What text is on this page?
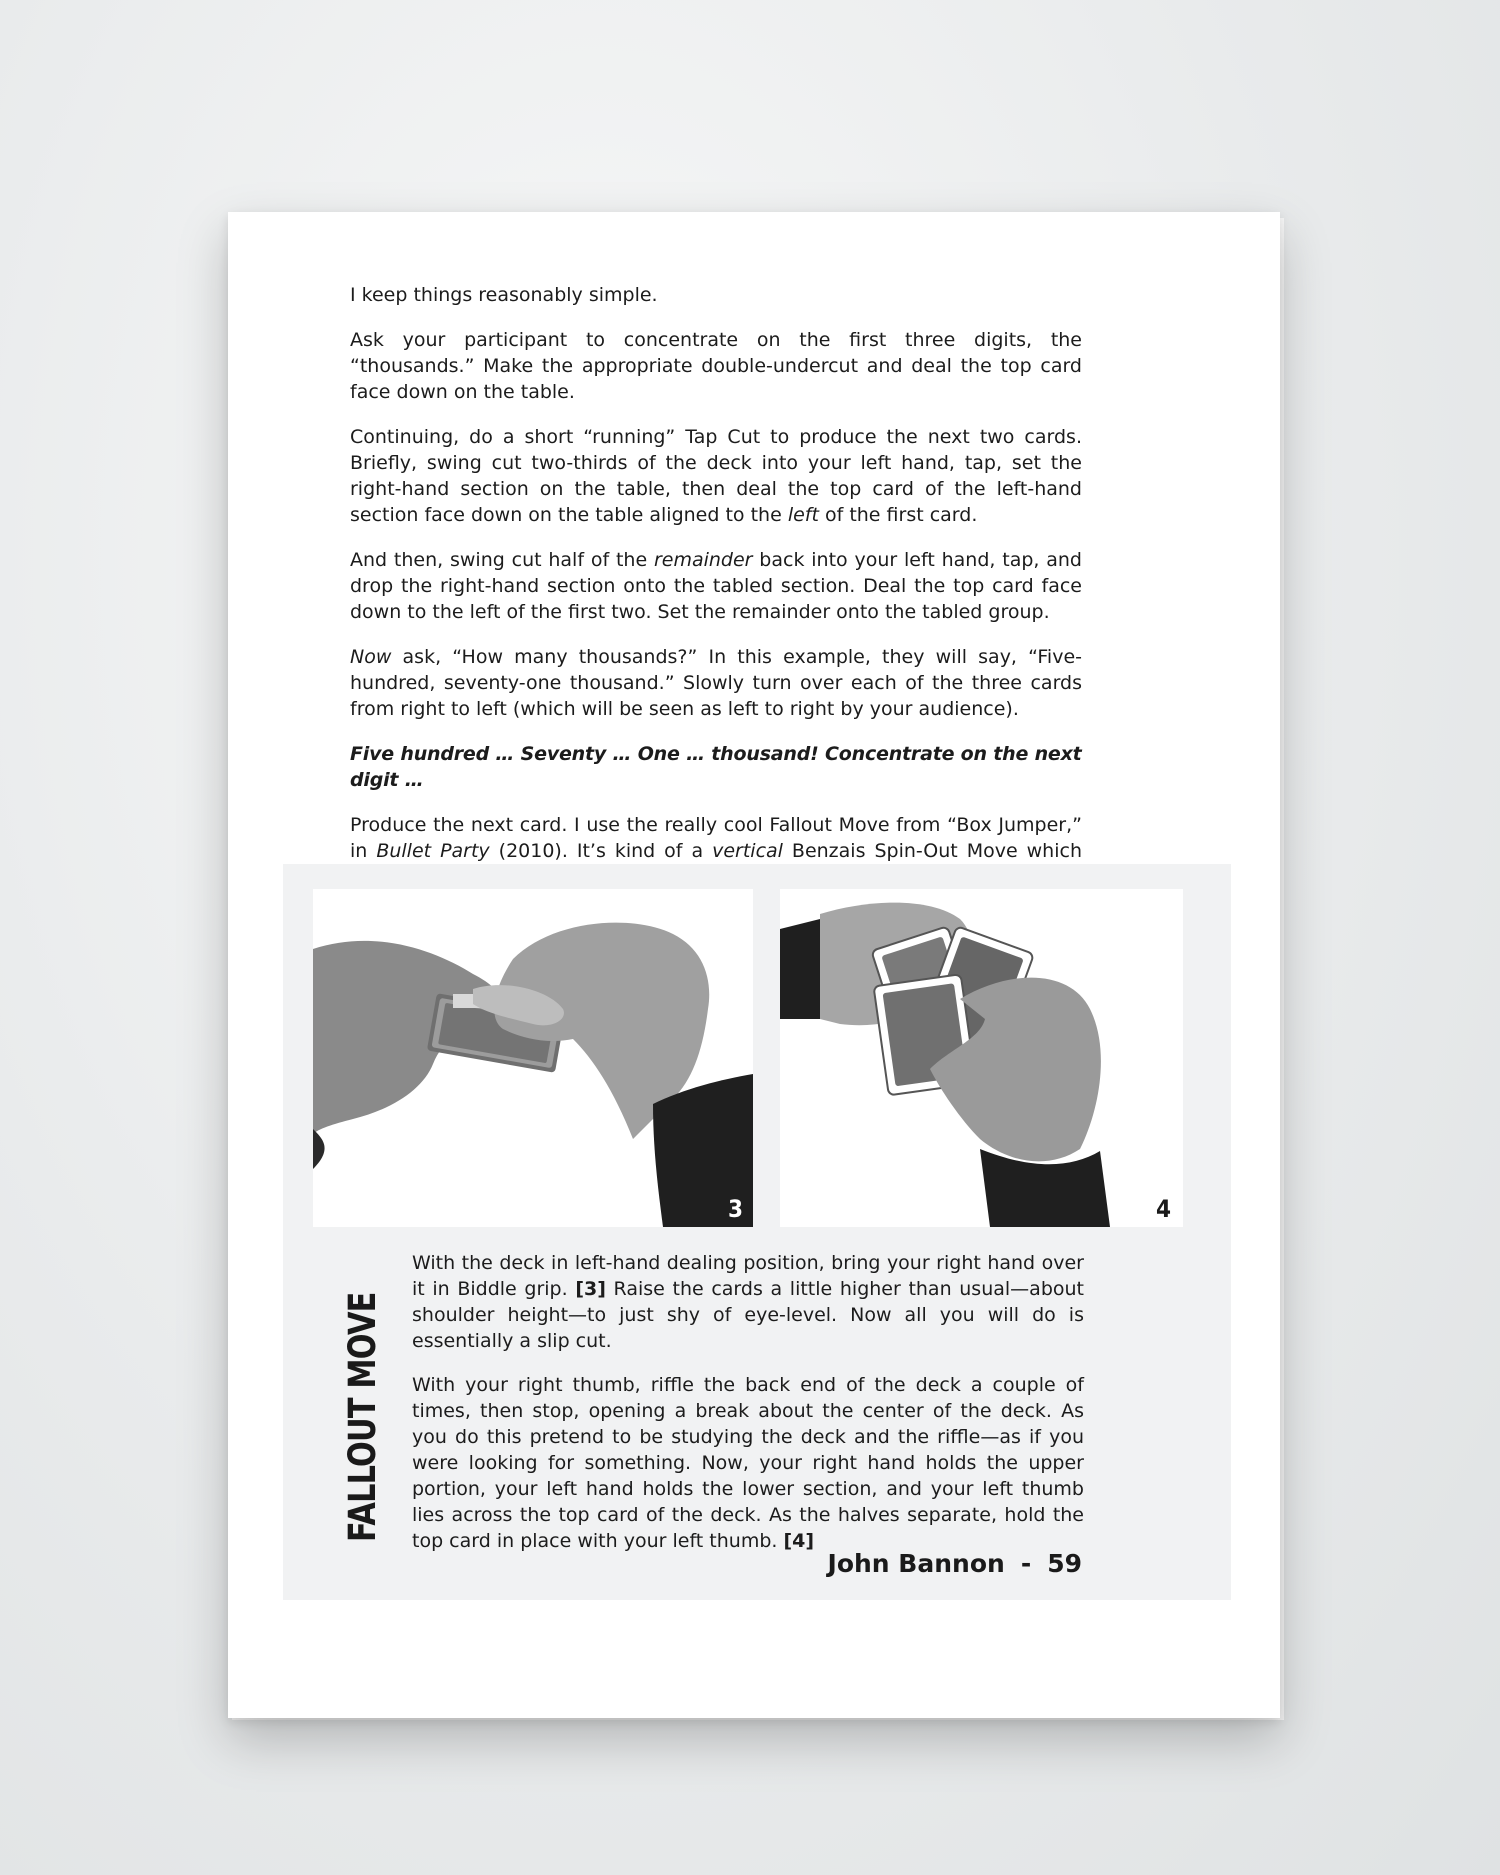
I keep things reasonably simple.

Ask your participant to concentrate on the first three digits, the “thousands.” Make the appropriate double-undercut and deal the top card face down on the table.

Continuing, do a short “running” Tap Cut to produce the next two cards. Briefly, swing cut two-thirds of the deck into your left hand, tap, set the right-hand section on the table, then deal the top card of the left-hand section face down on the table aligned to the left of the first card.

And then, swing cut half of the remainder back into your left hand, tap, and drop the right-hand section onto the tabled section. Deal the top card face down to the left of the first two. Set the remainder onto the tabled group.

Now ask, “How many thousands?” In this example, they will say, “Five-hundred, seventy-one thousand.” Slowly turn over each of the three cards from right to left (which will be seen as left to right by your audience).

Five hundred … Seventy … One … thousand! Concentrate on the next digit …

Produce the next card. I use the really cool Fallout Move from “Box Jumper,” in Bullet Party (2010). It’s kind of a vertical Benzais Spin-Out Move which

3	4
FALLOUT MOVE

With the deck in left-hand dealing position, bring your right hand over it in Biddle grip. [3] Raise the cards a little higher than usual—about shoulder height—to just shy of eye-level. Now all you will do is essentially a slip cut.

With your right thumb, riffle the back end of the deck a couple of times, then stop, opening a break about the center of the deck. As you do this pretend to be studying the deck and the riffle—as if you were looking for something. Now, your right hand holds the upper portion, your left hand holds the lower section, and your left thumb lies across the top card of the deck. As the halves separate, hold the top card in place with your left thumb. [4]

John Bannon - 59
